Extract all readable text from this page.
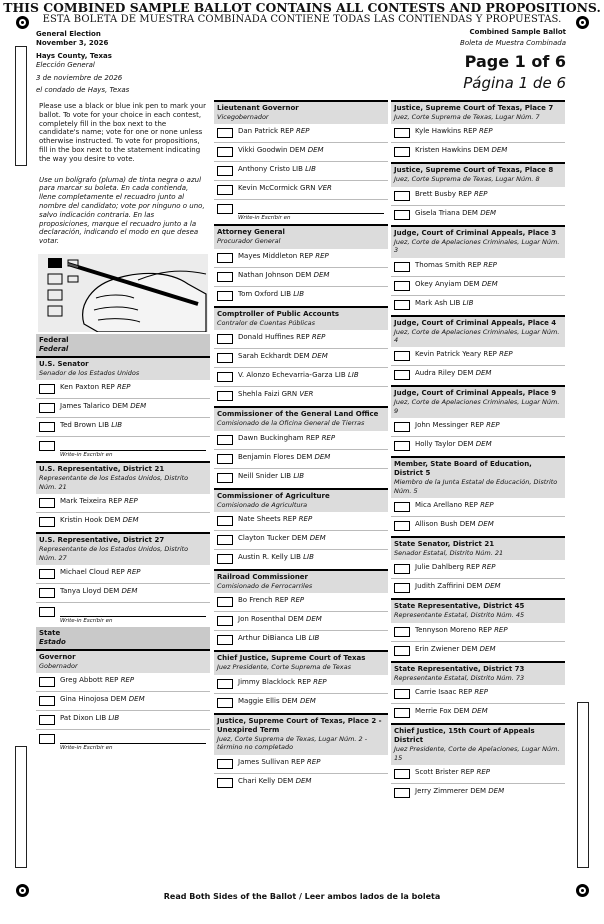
THIS COMBINED SAMPLE BALLOT CONTAINS ALL CONTESTS AND PROPOSITIONS.
ESTA BOLETA DE MUESTRA COMBINADA CONTIENE TODAS LAS CONTIENDAS Y PROPUESTAS.
General Election
November 3, 2026
Hays County, Texas
Elección General
3 de noviembre de 2026
el condado de Hays, Texas
Combined Sample Ballot
Boleta de Muestra Combinada
Page 1 of 6
Página 1 de 6
Please use a black or blue ink pen to mark your ballot. To vote for your choice in each contest, completely fill in the box next to the candidate's name; vote for one or none unless otherwise instructed. To vote for propositions, fill in the box next to the statement indicating the way you desire to vote.
Use un bolígrafo (pluma) de tinta negra o azul para marcar su boleta. En cada contienda, llene completamente el recuadro junto al nombre del candidato; vote por ninguno o uno, salvo indicación contraria. En las proposiciones, marque el recuadro junto a la declaración, indicando el modo en que desea votar.
Federal
Federal
U.S. Senator
Senador de los Estados Unidos
Ken Paxton REP REP
James Talarico DEM DEM
Ted Brown LIB LIB
Write-in Escribir en
U.S. Representative, District 21
Representante de los Estados Unidos, Distrito Núm. 21
Mark Teixeira REP REP
Kristin Hook DEM DEM
U.S. Representative, District 27
Representante de los Estados Unidos, Distrito Núm. 27
Michael Cloud REP REP
Tanya Lloyd DEM DEM
Write-in Escribir en
State
Estado
Governor
Gobernador
Greg Abbott REP REP
Gina Hinojosa DEM DEM
Pat Dixon LIB LIB
Write-in Escribir en
Lieutenant Governor
Vicegobernador
Dan Patrick REP REP
Vikki Goodwin DEM DEM
Anthony Cristo LIB LIB
Kevin McCormick GRN VER
Write-in Escribir en
Attorney General
Procurador General
Mayes Middleton REP REP
Nathan Johnson DEM DEM
Tom Oxford LIB LIB
Comptroller of Public Accounts
Contralor de Cuentas Públicas
Donald Huffines REP REP
Sarah Eckhardt DEM DEM
V. Alonzo Echevarria-Garza LIB LIB
Shehla Faizi GRN VER
Commissioner of the General Land Office
Comisionado de la Oficina General de Tierras
Dawn Buckingham REP REP
Benjamin Flores DEM DEM
Neill Snider LIB LIB
Commissioner of Agriculture
Comisionado de Agricultura
Nate Sheets REP REP
Clayton Tucker DEM DEM
Austin R. Kelly LIB LIB
Railroad Commissioner
Comisionado de Ferrocarriles
Bo French REP REP
Jon Rosenthal DEM DEM
Arthur DiBianca LIB LIB
Chief Justice, Supreme Court of Texas
Juez Presidente, Corte Suprema de Texas
Jimmy Blacklock REP REP
Maggie Ellis DEM DEM
Justice, Supreme Court of Texas, Place 2 - Unexpired Term
Juez, Corte Suprema de Texas, Lugar Núm. 2 - término no completado
James Sullivan REP REP
Chari Kelly DEM DEM
Justice, Supreme Court of Texas, Place 7
Juez, Corte Suprema de Texas, Lugar Núm. 7
Kyle Hawkins REP REP
Kristen Hawkins DEM DEM
Justice, Supreme Court of Texas, Place 8
Juez, Corte Suprema de Texas, Lugar Núm. 8
Brett Busby REP REP
Gisela Triana DEM DEM
Judge, Court of Criminal Appeals, Place 3
Juez, Corte de Apelaciones Criminales, Lugar Núm. 3
Thomas Smith REP REP
Okey Anyiam DEM DEM
Mark Ash LIB LIB
Judge, Court of Criminal Appeals, Place 4
Juez, Corte de Apelaciones Criminales, Lugar Núm. 4
Kevin Patrick Yeary REP REP
Audra Riley DEM DEM
Judge, Court of Criminal Appeals, Place 9
Juez, Corte de Apelaciones Criminales, Lugar Núm. 9
John Messinger REP REP
Holly Taylor DEM DEM
Member, State Board of Education, District 5
Miembro de la Junta Estatal de Educación, Distrito Núm. 5
Mica Arellano REP REP
Allison Bush DEM DEM
State Senator, District 21
Senador Estatal, Distrito Núm. 21
Julie Dahlberg REP REP
Judith Zaffirini DEM DEM
State Representative, District 45
Representante Estatal, Distrito Núm. 45
Tennyson Moreno REP REP
Erin Zwiener DEM DEM
State Representative, District 73
Representante Estatal, Distrito Núm. 73
Carrie Isaac REP REP
Merrie Fox DEM DEM
Chief Justice, 15th Court of Appeals District
Juez Presidente, Corte de Apelaciones, Lugar Núm. 15
Scott Brister REP REP
Jerry Zimmerer DEM DEM
Read Both Sides of the Ballot / Leer ambos lados de la boleta
